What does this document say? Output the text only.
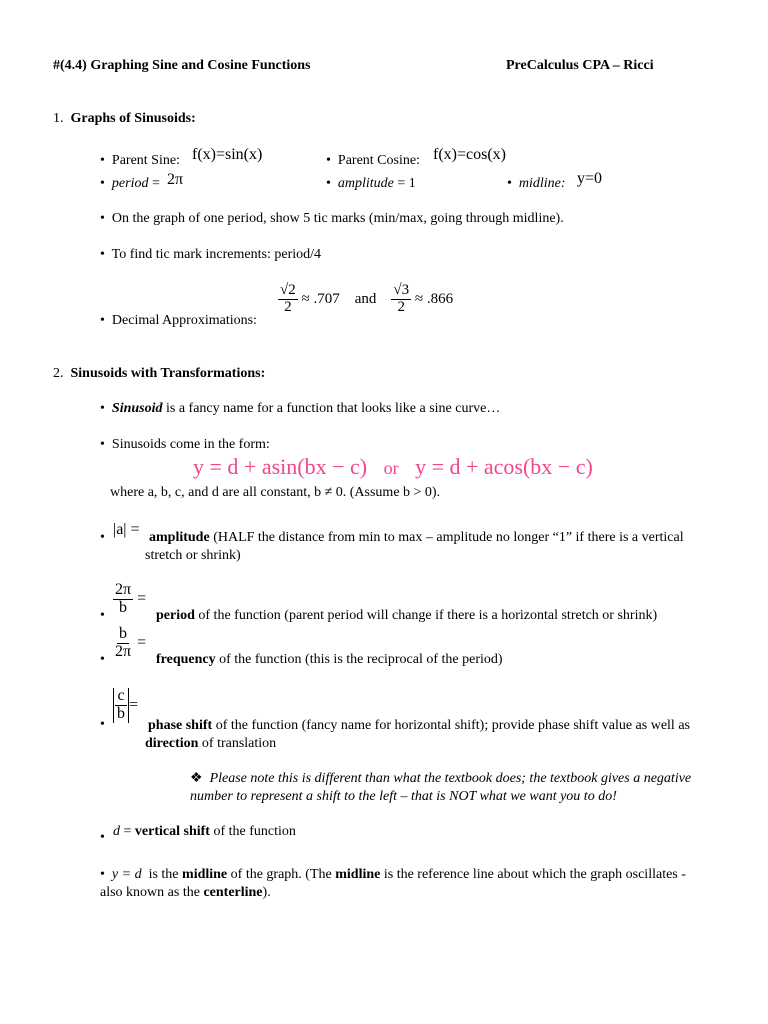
#(4.4) Graphing Sine and Cosine Functions	PreCalculus CPA – Ricci
1. Graphs of Sinusoids:
•  Parent Sine: f(x)=sin(x)	•  Parent Cosine: f(x)=cos(x)
•  period = 2π	•  amplitude = 1	•  midline: y=0
•  On the graph of one period, show 5 tic marks (min/max, going through midline).
•  To find tic mark increments: period/4
•  Decimal Approximations:
$\frac{√2}{2} \approx .707$ and $\frac{√3}{2} \approx .866$
2. Sinusoids with Transformations:
•  Sinusoid is a fancy name for a function that looks like a sine curve…
•  Sinusoids come in the form:
y = d + asin(bx − c) or y = d + acos(bx − c)
where a, b, c, and d are all constant, b ≠ 0. (Assume b > 0).
• |a| = amplitude (HALF the distance from min to max – amplitude no longer “1” if there is a vertical stretch or shrink)
• $\frac{2\pi}{b}$ =
period of the function (parent period will change if there is a horizontal stretch or shrink)
• $\frac{b}{2\pi}$ =
frequency of the function (this is the reciprocal of the period)
•
$\frac{c}{b}$ =
phase shift of the function (fancy name for horizontal shift); provide phase shift value as well as direction of translation
❖ Please note this is different than what the textbook does; the textbook gives a negative number to represent a shift to the left – that is NOT what we want you to do!
• d = vertical shift of the function
•  y = d is the midline of the graph. (The midline is the reference line about which the graph oscillates - also known as the centerline).
